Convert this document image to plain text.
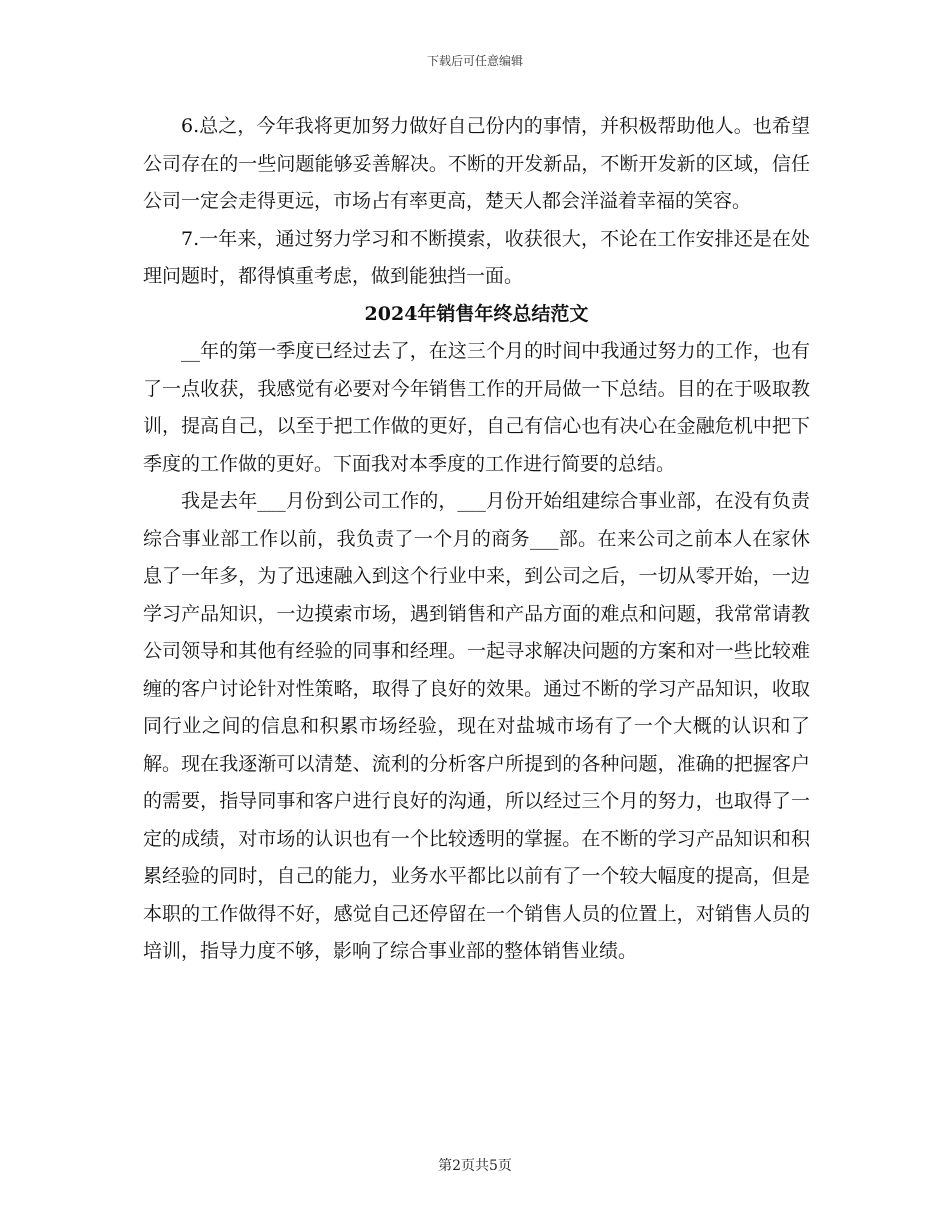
下载后可任意编辑

6.总之，今年我将更加努力做好自己份内的事情，并积极帮助他人。也希望公司存在的一些问题能够妥善解决。不断的开发新品，不断开发新的区域，信任公司一定会走得更远，市场占有率更高，楚天人都会洋溢着幸福的笑容。

7.一年来，通过努力学习和不断摸索，收获很大，不论在工作安排还是在处理问题时，都得慎重考虑，做到能独挡一面。

2024年销售年终总结范文

__年的第一季度已经过去了，在这三个月的时间中我通过努力的工作，也有了一点收获，我感觉有必要对今年销售工作的开局做一下总结。目的在于吸取教训，提高自己，以至于把工作做的更好，自己有信心也有决心在金融危机中把下季度的工作做的更好。下面我对本季度的工作进行简要的总结。

我是去年___月份到公司工作的，___月份开始组建综合事业部，在没有负责综合事业部工作以前，我负责了一个月的商务___部。在来公司之前本人在家休息了一年多，为了迅速融入到这个行业中来，到公司之后，一切从零开始，一边学习产品知识，一边摸索市场，遇到销售和产品方面的难点和问题，我常常请教公司领导和其他有经验的同事和经理。一起寻求解决问题的方案和对一些比较难缠的客户讨论针对性策略，取得了良好的效果。通过不断的学习产品知识，收取同行业之间的信息和积累市场经验，现在对盐城市场有了一个大概的认识和了解。现在我逐渐可以清楚、流利的分析客户所提到的各种问题，准确的把握客户的需要，指导同事和客户进行良好的沟通，所以经过三个月的努力，也取得了一定的成绩，对市场的认识也有一个比较透明的掌握。在不断的学习产品知识和积累经验的同时，自己的能力，业务水平都比以前有了一个较大幅度的提高，但是本职的工作做得不好，感觉自己还停留在一个销售人员的位置上，对销售人员的培训，指导力度不够，影响了综合事业部的整体销售业绩。

第2页共5页
